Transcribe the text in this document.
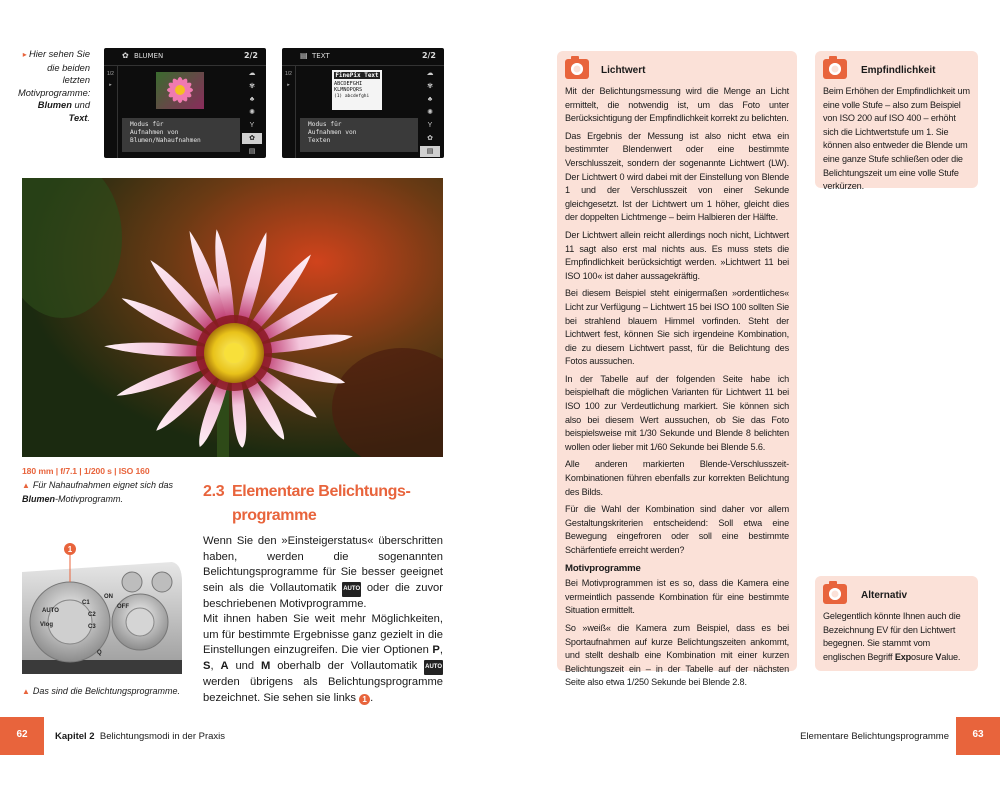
▸ Hier sehen Sie die beiden letzten Motivprogramme: Blumen und Text.
✿ BLUMEN	2/2
1/2
▸
☁
✾
♣
✺
Y
✿
▤
Modus für
Aufnahmen von
Blumen/Nahaufnahmen
▤ TEXT	2/2
1/2
▸
FinePix Text
ABCDEFGHI
KLMNOPQRS
(1) abcdefghi
☁
✾
♣
✺
Y
✿
▤
Modus für
Aufnahmen von
Texten
180 mm | f/7.1 | 1/200 s | ISO 160
▲ Für Nahaufnahmen eignet sich das Blumen-Motivprogramm.
1
AUTO
Vlog
C1
C2
C3
OFF
ON
Q
▲ Das sind die Belichtungsprogramme.
2.3 Elementare Belichtungs-
programme
Wenn Sie den »Einsteigerstatus« überschritten haben, werden die sogenannten Belichtungsprogramme für Sie besser geeignet sein als die Vollautomatik AUTO oder die zuvor beschriebenen Motivprogramme.
Mit ihnen haben Sie weit mehr Möglichkeiten, um für bestimmte Ergebnisse ganz gezielt in die Einstellungen einzugreifen. Die vier Optionen P, S, A und M oberhalb der Vollautomatik AUTO werden übrigens als Belichtungsprogramme bezeichnet. Sie sehen sie links 1 .
62	Kapitel 2 Belichtungsmodi in der Praxis	Elementare Belichtungsprogramme	63
Lichtwert

Mit der Belichtungsmessung wird die Menge an Licht ermittelt, die notwendig ist, um das Foto unter Berücksichtigung der Empfindlichkeit korrekt zu belichten.

Das Ergebnis der Messung ist also nicht etwa ein bestimmter Blendenwert oder eine bestimmte Verschlusszeit, sondern der sogenannte Lichtwert (LW). Der Lichtwert 0 wird dabei mit der Einstellung von Blende 1 und der Verschlusszeit von einer Sekunde gleichgesetzt. Ist der Lichtwert um 1 höher, gleicht dies der doppelten Lichtmenge – beim Halbieren der Hälfte.

Der Lichtwert allein reicht allerdings noch nicht, Lichtwert 11 sagt also erst mal nichts aus. Es muss stets die Empfindlichkeit berücksichtigt werden. »Lichtwert 11 bei ISO 100« ist daher aussagekräftig.

Bei diesem Beispiel steht einigermaßen »ordentliches« Licht zur Verfügung – Lichtwert 15 bei ISO 100 sollten Sie bei strahlend blauem Himmel vorfinden. Steht der Lichtwert fest, können Sie sich irgendeine Kombination, die zu diesem Lichtwert passt, für die Belichtung des Fotos aussuchen.

In der Tabelle auf der folgenden Seite habe ich beispielhaft die möglichen Varianten für Lichtwert 11 bei ISO 100 zur Verdeutlichung markiert. Sie können sich also bei diesem Wert aussuchen, ob Sie das Foto beispielsweise mit 1/30 Sekunde und Blende 8 belichten wollen oder lieber mit 1/60 Sekunde bei Blende 5.6.

Alle anderen markierten Blende-Verschlusszeit-Kombinationen führen ebenfalls zur korrekten Belichtung des Bilds.

Für die Wahl der Kombination sind daher vor allem Gestaltungskriterien entscheidend: Soll etwa eine Bewegung eingefroren oder soll eine bestimmte Schärfentiefe erreicht werden?

Motivprogramme

Bei Motivprogrammen ist es so, dass die Kamera eine vermeintlich passende Kombination für eine bestimmte Situation ermittelt.

So »weiß« die Kamera zum Beispiel, dass es bei Sportaufnahmen auf kurze Belichtungszeiten ankommt, und stellt deshalb eine Kombination mit einer kurzen Belichtungszeit ein – in der Tabelle auf der nächsten Seite also etwa 1/250 Sekunde bei Blende 2.8.

Empfindlichkeit
Beim Erhöhen der Empfindlichkeit um eine volle Stufe – also zum Beispiel von ISO 200 auf ISO 400 – erhöht sich die Lichtwertstufe um 1. Sie können also entweder die Blende um eine ganze Stufe schließen oder die Belichtungszeit um eine volle Stufe verkürzen.
Alternativ
Gelegentlich könnte Ihnen auch die Bezeichnung EV für den Lichtwert begegnen. Sie stammt vom englischen Begriff Exposure Value.
